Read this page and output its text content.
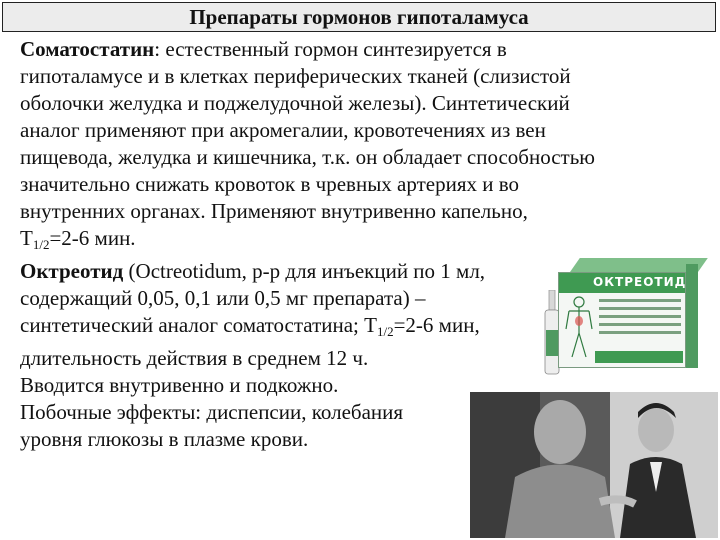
Препараты гормонов гипоталамуса

Соматостатин: естественный гормон синтезируется в гипоталамусе и в клетках периферических тканей (слизистой оболочки желудка и поджелудочной железы). Синтетический аналог применяют при акромегалии, кровотечениях из вен пищевода, желудка и кишечника, т.к. он обладает способностью значительно снижать кровоток в чревных артериях и во внутренних органах. Применяют внутривенно капельно,
$Т_{1/2}=2-6$ мин.

Октреотид (Octreotidum, р-р для инъекций по 1 мл, содержащий 0,05, 0,1 или 0,5 мг препарата) – синтетический аналог соматостатина; $Т_{1/2}=2-6$ мин, длительность действия в среднем 12 ч.

Вводится внутривенно и подкожно.

Побочные эффекты: диспепсии, колебания уровня глюкозы в плазме крови.

ОКТРЕОТИД
